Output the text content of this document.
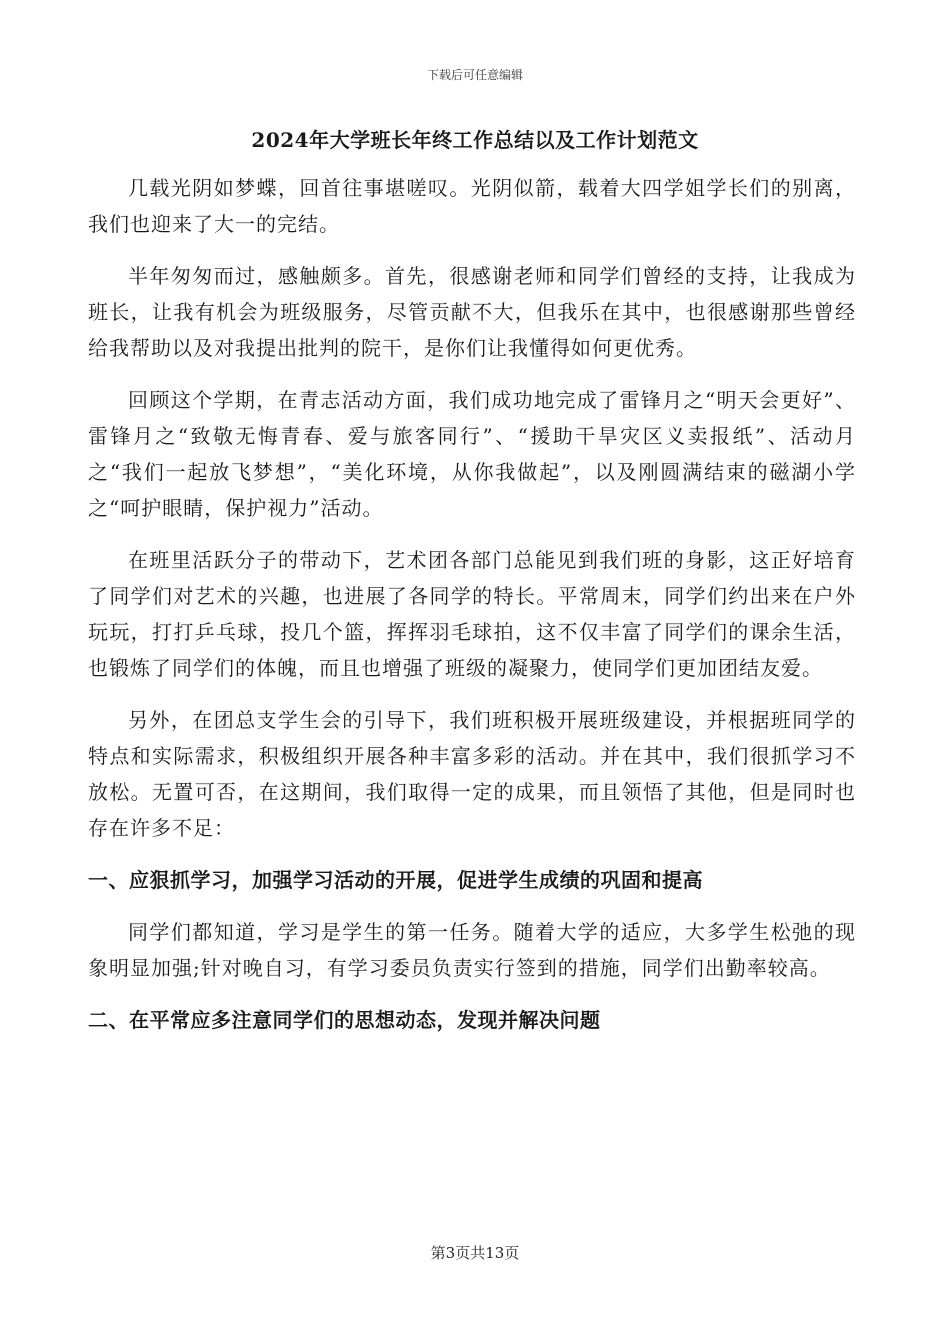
下载后可任意编辑
2024年大学班长年终工作总结以及工作计划范文

几载光阴如梦蝶，回首往事堪嗟叹。光阴似箭，载着大四学姐学长们的别离，我们也迎来了大一的完结。

半年匆匆而过，感触颇多。首先，很感谢老师和同学们曾经的支持，让我成为班长，让我有机会为班级服务，尽管贡献不大，但我乐在其中，也很感谢那些曾经给我帮助以及对我提出批判的院干，是你们让我懂得如何更优秀。

回顾这个学期，在青志活动方面，我们成功地完成了雷锋月之“明天会更好”、雷锋月之“致敬无悔青春、爱与旅客同行”、“援助干旱灾区义卖报纸”、活动月之“我们一起放飞梦想”，“美化环境，从你我做起”，以及刚圆满结束的磁湖小学之“呵护眼睛，保护视力”活动。

在班里活跃分子的带动下，艺术团各部门总能见到我们班的身影，这正好培育了同学们对艺术的兴趣，也进展了各同学的特长。平常周末，同学们约出来在户外玩玩，打打乒乓球，投几个篮，挥挥羽毛球拍，这不仅丰富了同学们的课余生活，也锻炼了同学们的体魄，而且也增强了班级的凝聚力，使同学们更加团结友爱。

另外，在团总支学生会的引导下，我们班积极开展班级建设，并根据班同学的特点和实际需求，积极组织开展各种丰富多彩的活动。并在其中，我们很抓学习不放松。无置可否，在这期间，我们取得一定的成果，而且领悟了其他，但是同时也存在许多不足：

一、应狠抓学习，加强学习活动的开展，促进学生成绩的巩固和提高

同学们都知道，学习是学生的第一任务。随着大学的适应，大多学生松弛的现象明显加强;针对晚自习，有学习委员负责实行签到的措施，同学们出勤率较高。

二、在平常应多注意同学们的思想动态，发现并解决问题
第3页共13页
